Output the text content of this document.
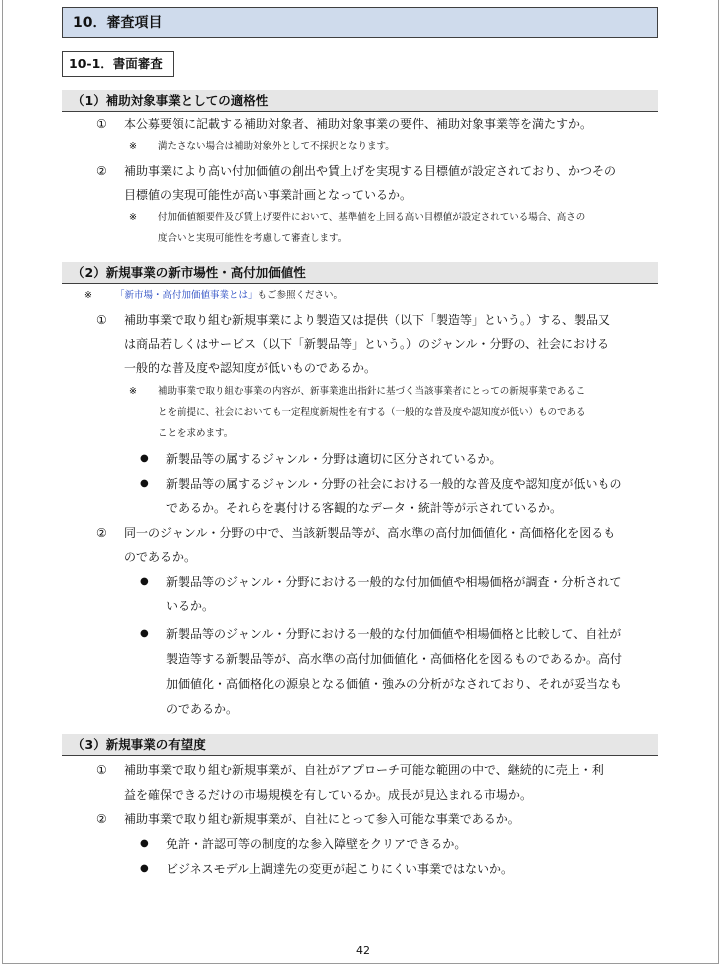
10．審査項目
10-1．書面審査
（1）補助対象事業としての適格性
① 本公募要領に記載する補助対象者、補助対象事業の要件、補助対象事業等を満たすか。
※ 満たさない場合は補助対象外として不採択となります。
② 補助事業により高い付加価値の創出や賃上げを実現する目標値が設定されており、かつその
目標値の実現可能性が高い事業計画となっているか。
※ 付加価値額要件及び賃上げ要件において、基準値を上回る高い目標値が設定されている場合、高さの
度合いと実現可能性を考慮して審査します。
（2）新規事業の新市場性・高付加価値性
※ 「新市場・高付加価値事業とは」もご参照ください。
① 補助事業で取り組む新規事業により製造又は提供（以下「製造等」という。）する、製品又
は商品若しくはサービス（以下「新製品等」という。）のジャンル・分野の、社会における
一般的な普及度や認知度が低いものであるか。
※ 補助事業で取り組む事業の内容が、新事業進出指針に基づく当該事業者にとっての新規事業であるこ
とを前提に、社会においても一定程度新規性を有する（一般的な普及度や認知度が低い）ものである
ことを求めます。
● 新製品等の属するジャンル・分野は適切に区分されているか。
● 新製品等の属するジャンル・分野の社会における一般的な普及度や認知度が低いもの
であるか。それらを裏付ける客観的なデータ・統計等が示されているか。
② 同一のジャンル・分野の中で、当該新製品等が、高水準の高付加価値化・高価格化を図るも
のであるか。
● 新製品等のジャンル・分野における一般的な付加価値や相場価格が調査・分析されて
いるか。
● 新製品等のジャンル・分野における一般的な付加価値や相場価格と比較して、自社が
製造等する新製品等が、高水準の高付加価値化・高価格化を図るものであるか。高付
加価値化・高価格化の源泉となる価値・強みの分析がなされており、それが妥当なも
のであるか。
（3）新規事業の有望度
① 補助事業で取り組む新規事業が、自社がアプローチ可能な範囲の中で、継続的に売上・利
益を確保できるだけの市場規模を有しているか。成長が見込まれる市場か。
② 補助事業で取り組む新規事業が、自社にとって参入可能な事業であるか。
● 免許・許認可等の制度的な参入障壁をクリアできるか。
● ビジネスモデル上調達先の変更が起こりにくい事業ではないか。
42
